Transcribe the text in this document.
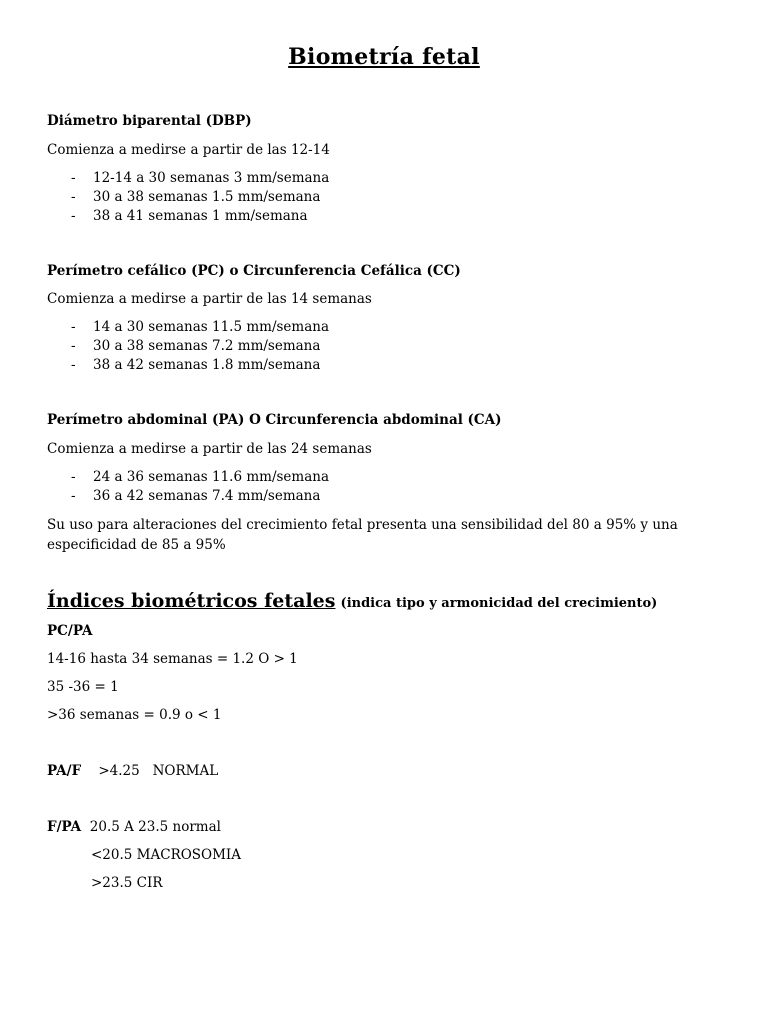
Biometría fetal
Diámetro biparental (DBP)
Comienza a medirse a partir de las 12-14
- 12-14 a 30 semanas 3 mm/semana
- 30 a 38 semanas 1.5 mm/semana
- 38 a 41 semanas 1 mm/semana
Perímetro cefálico (PC) o Circunferencia Cefálica (CC)
Comienza a medirse a partir de las 14 semanas
- 14 a 30 semanas 11.5 mm/semana
- 30 a 38 semanas 7.2 mm/semana
- 38 a 42 semanas 1.8 mm/semana
Perímetro abdominal (PA) O Circunferencia abdominal (CA)
Comienza a medirse a partir de las 24 semanas
- 24 a 36 semanas 11.6 mm/semana
- 36 a 42 semanas 7.4 mm/semana
Su uso para alteraciones del crecimiento fetal presenta una sensibilidad del 80 a 95% y una especificidad de 85 a 95%
Índices biométricos fetales (indica tipo y armonicidad del crecimiento)
PC/PA
14-16 hasta 34 semanas = 1.2 O > 1
35 -36 = 1
>36 semanas = 0.9 o < 1
PA/F >4.25   NORMAL
F/PA 20.5 A 23.5 normal
<20.5 MACROSOMIA
>23.5 CIR
